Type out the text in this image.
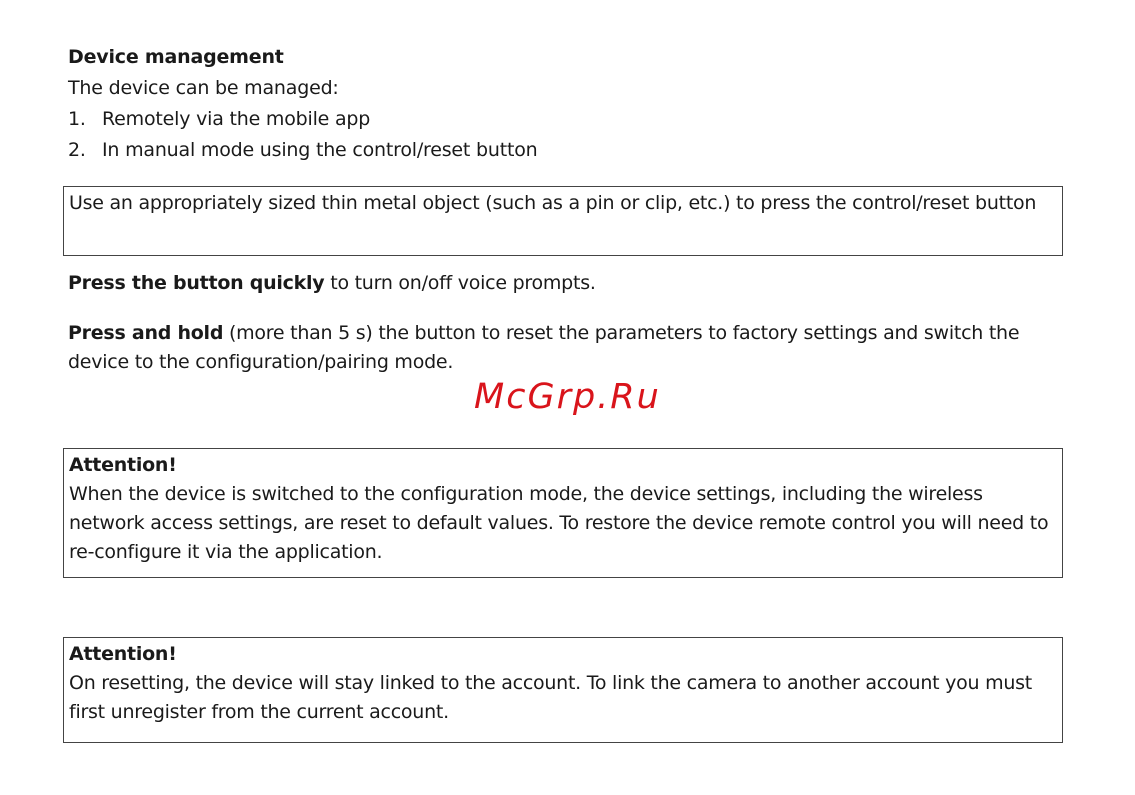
Device management
The device can be managed:
1. Remotely via the mobile app
2. In manual mode using the control/reset button
Use an appropriately sized thin metal object (such as a pin or clip, etc.) to press the control/reset button
Press the button quickly to turn on/off voice prompts.
Press and hold (more than 5 s) the button to reset the parameters to factory settings and switch the device to the configuration/pairing mode.
McGrp.Ru
Attention!
When the device is switched to the configuration mode, the device settings, including the wireless network access settings, are reset to default values. To restore the device remote control you will need to re-configure it via the application.
Attention!
On resetting, the device will stay linked to the account. To link the camera to another account you must first unregister from the current account.
